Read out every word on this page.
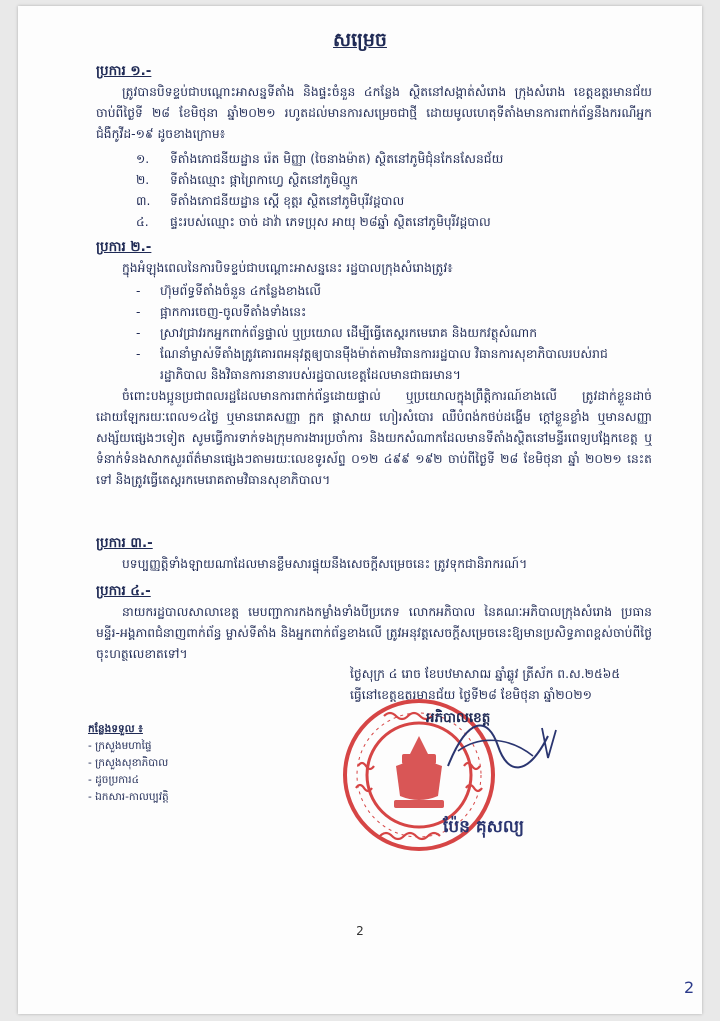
សម្រេច
ប្រការ ១.-
ត្រូវបានបិទខ្ទប់ជាបណ្តោះអាសន្នទីតាំង និងផ្ទះចំនួន ៤កន្លែង ស្ថិតនៅសង្កាត់សំរោង ក្រុងសំរោង ខេត្តឧត្តរមានជ័យ ចាប់ពីថ្ងៃទី ២៨ ខែមិថុនា ឆ្នាំ២០២១ រហូតដល់មានការសម្រេចជាថ្មី ដោយមូលហេតុទីតាំងមានការពាក់ព័ន្ធនឹងករណីអ្នកជំងឺកូវីដ-១៩ ដូចខាងក្រោម៖
១.	ទីតាំងភោជនីយដ្ឋាន រ៉េត មិញ្ញា (ចៃនាងម៉ាត) ស្ថិតនៅភូមិជុំនកែនសែនជ័យ
២.	ទីតាំងឈ្មោះ ផ្កាព្រៃកាហ្វេ ស្ថិតនៅភូមិល្មូក
៣.	ទីតាំងភោជនីយដ្ឋាន ស្ដើ ខុត្តរ ស្ថិតនៅភូមិបុរីវដ្តបាល
៤.	ផ្ទះរបស់ឈ្មោះ ចាច់ ដាវ៉ា ភេទប្រុស អាយុ ២៨ឆ្នាំ ស្ថិតនៅភូមិបុរីវដ្តបាល
ប្រការ ២.-
ក្នុងអំឡុងពេលនៃការបិទខ្ទប់ជាបណ្តោះអាសន្ននេះ រដ្ឋបាលក្រុងសំរោងត្រូវ៖
-	ហ៊ុមព័ទ្ធទីតាំងចំនួន ៤កន្លែងខាងលើ
-	ផ្អាកការចេញ-ចូលទីតាំងទាំងនេះ
-	ស្រាវជ្រាវរកអ្នកពាក់ព័ន្ធផ្ទាល់ ឬប្រយោល ដើម្បីធ្វើតេស្តរកមេរោគ និងយកវត្ថុសំណាក
-	ណែនាំម្ចាស់ទីតាំងត្រូវគោរពអនុវត្តឲ្យបានម៉ឺងម៉ាត់តាមវិធានការរដ្ឋបាល វិធានការសុខាភិបាលរបស់រាជរដ្ឋាភិបាល និងវិធានការនានារបស់រដ្ឋបាលខេត្តដែលមានជាធរមាន។
ចំពោះបងប្អូនប្រជាពលរដ្ឋដែលមានការពាក់ព័ន្ធដោយផ្ទាល់ ឬប្រយោលក្នុងព្រឹត្តិការណ៍ខាងលើ ត្រូវដាក់ខ្លួនដាច់ដោយឡែករយៈពេល១៤ថ្ងៃ ឬមានរោគសញ្ញា ក្អក ផ្តាសាយ ហៀរសំបោរ ឈឺបំពង់កថប់ដង្ហើម ក្តៅខ្លួនខ្លាំង ឬមានសញ្ញាសង្ស័យផ្សេងៗទៀត សូមធ្វើការទាក់ទងក្រុមការងារប្រចាំការ និងយកសំណាកដែលមានទីតាំងស្ថិតនៅមន្ទីរពេទ្យបង្អែកខេត្ត ឬទំនាក់ទំនងសាកសួរព័ត៌មានផ្សេងៗតាមរយៈលេខទូរស័ព្ទ ០១២ ៤៩៩ ១៩២ ចាប់ពីថ្ងៃទី ២៨ ខែមិថុនា ឆ្នាំ ២០២១ នេះតទៅ និងត្រូវធ្វើតេស្តរកមេរោគតាមវិធានសុខាភិបាល។
ប្រការ ៣.-
បទប្បញ្ញត្តិទាំងឡាយណាដែលមានខ្លឹមសារផ្ទុយនឹងសេចក្តីសម្រេចនេះ ត្រូវទុកជានិរាករណ៍។
ប្រការ ៤.-
នាយករដ្ឋបាលសាលាខេត្ត មេបញ្ជាការកងកម្លាំងទាំងបីប្រភេទ លោកអភិបាល នៃគណៈអភិបាលក្រុងសំរោង ប្រធានមន្ទីរ-អង្គភាពជំនាញពាក់ព័ន្ធ ម្ចាស់ទីតាំង និងអ្នកពាក់ព័ន្ធខាងលើ ត្រូវអនុវត្តសេចក្តីសម្រេចនេះឱ្យមានប្រសិទ្ធភាពខ្ពស់ចាប់ពីថ្ងៃចុះហត្ថលេខាតទៅ។
ថ្ងៃសុក្រ ៤ រោច ខែបឋមាសាឍ ឆ្នាំឆ្លូវ ត្រីស័ក ព.ស.២៥៦៥
ធ្វើនៅខេត្តឧត្តរមានជ័យ ថ្ងៃទី២៨ ខែមិថុនា ឆ្នាំ២០២១
អភិបាលខេត្ត
ប៉ែន គុសល្យ
កន្លែងទទួល ៖
- ក្រសួងមហាផ្ទៃ
- ក្រសួងសុខាភិបាល
- ដូចប្រការ៤
- ឯកសារ-កាលប្បវត្តិ
2
2
